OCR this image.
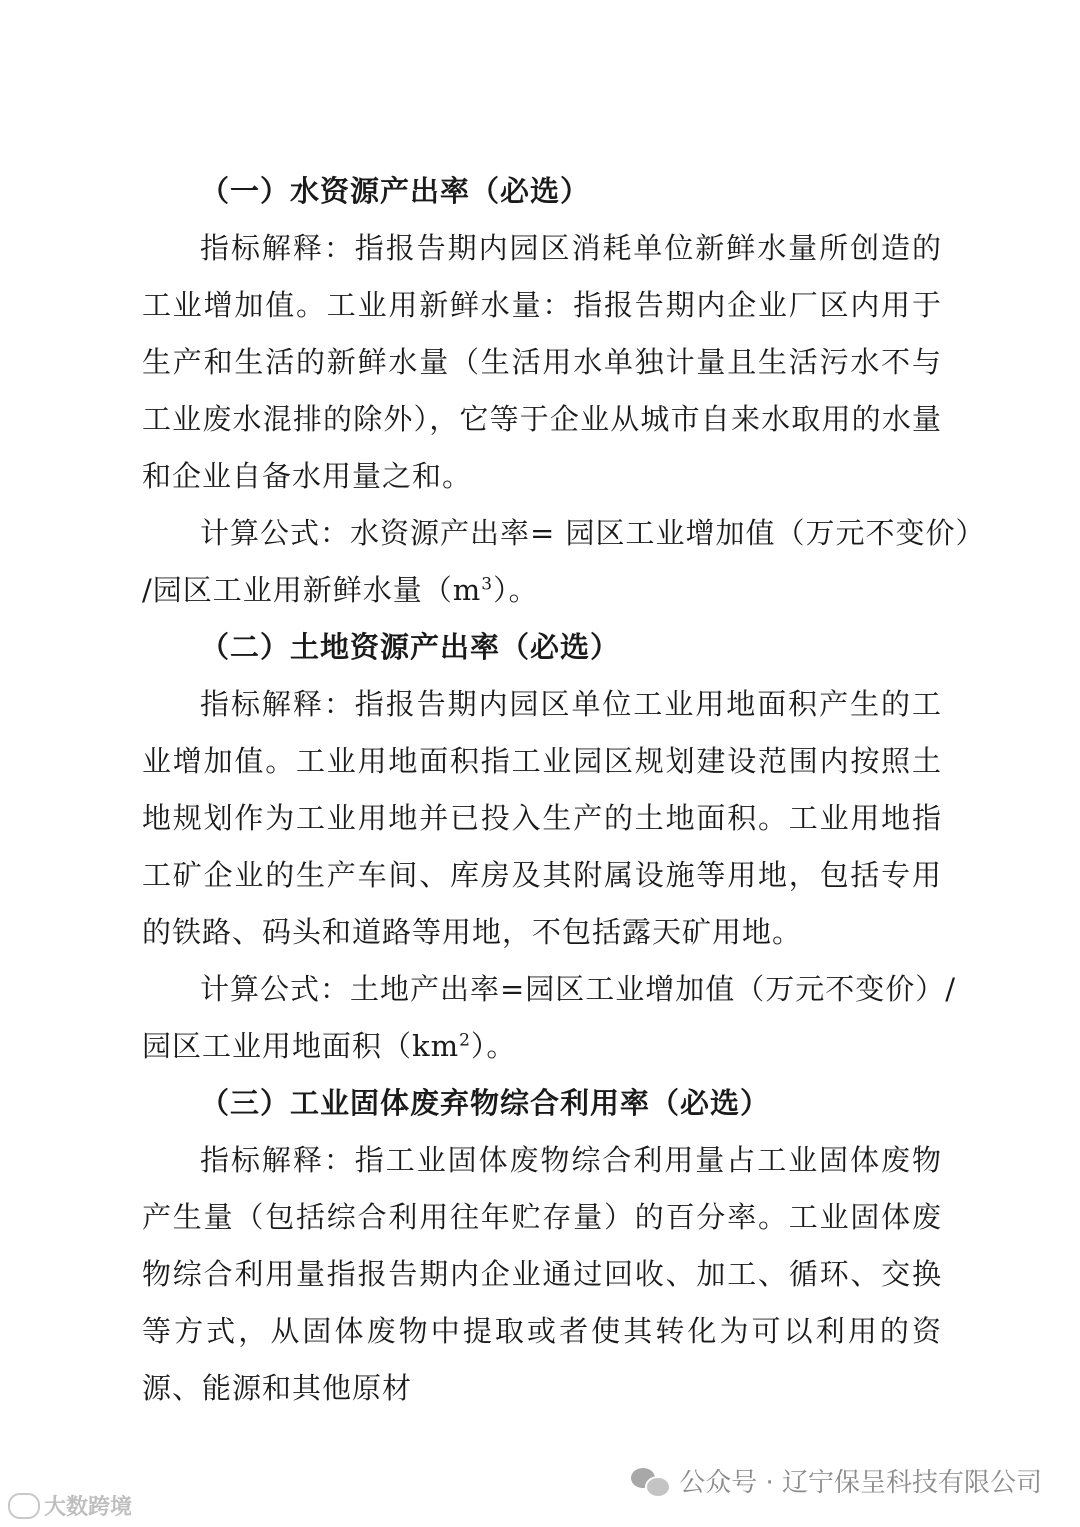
（一）水资源产出率（必选）

指标解释：指报告期内园区消耗单位新鲜水量所创造的工业增加值。工业用新鲜水量：指报告期内企业厂区内用于生产和生活的新鲜水量（生活用水单独计量且生活污水不与工业废水混排的除外），它等于企业从城市自来水取用的水量和企业自备水用量之和。

计算公式：水资源产出率= 园区工业增加值（万元不变价）

/园区工业用新鲜水量$(m^3)$。

（二）土地资源产出率（必选）

指标解释：指报告期内园区单位工业用地面积产生的工业增加值。工业用地面积指工业园区规划建设范围内按照土地规划作为工业用地并已投入生产的土地面积。工业用地指工矿企业的生产车间、库房及其附属设施等用地，包括专用的铁路、码头和道路等用地，不包括露天矿用地。

计算公式：土地产出率=园区工业增加值（万元不变价）/

园区工业用地面积$(km^2)$。

（三）工业固体废弃物综合利用率（必选）

指标解释：指工业固体废物综合利用量占工业固体废物产生量（包括综合利用往年贮存量）的百分率。工业固体废物综合利用量指报告期内企业通过回收、加工、循环、交换等方式，从固体废物中提取或者使其转化为可以利用的资源、能源和其他原材

公众号 · 辽宁保呈科技有限公司
大数跨境
